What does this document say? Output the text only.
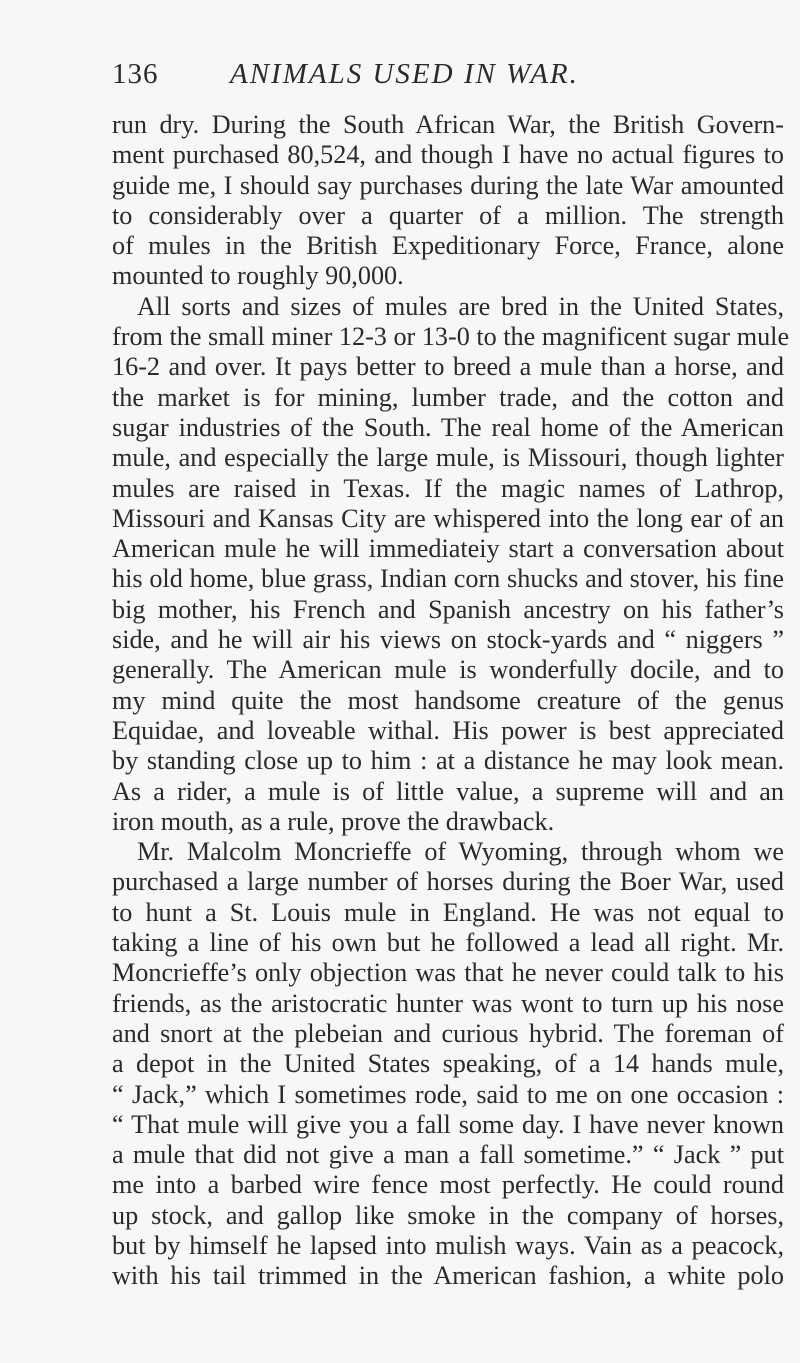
136 ANIMALS USED IN WAR.
run dry. During the South African War, the British Govern-
ment purchased 80,524, and though I have no actual figures to
guide me, I should say purchases during the late War amounted
to considerably over a quarter of a million. The strength
of mules in the British Expeditionary Force, France, alone
mounted to roughly 90,000.
All sorts and sizes of mules are bred in the United States,
from the small miner 12-3 or 13-0 to the magnificent sugar mule
16-2 and over. It pays better to breed a mule than a horse, and
the market is for mining, lumber trade, and the cotton and
sugar industries of the South. The real home of the American
mule, and especially the large mule, is Missouri, though lighter
mules are raised in Texas. If the magic names of Lathrop,
Missouri and Kansas City are whispered into the long ear of an
American mule he will immediateiy start a conversation about
his old home, blue grass, Indian corn shucks and stover, his fine
big mother, his French and Spanish ancestry on his father’s
side, and he will air his views on stock-yards and “ niggers ”
generally. The American mule is wonderfully docile, and to
my mind quite the most handsome creature of the genus
Equidae, and loveable withal. His power is best appreciated
by standing close up to him : at a distance he may look mean.
As a rider, a mule is of little value, a supreme will and an
iron mouth, as a rule, prove the drawback.
Mr. Malcolm Moncrieffe of Wyoming, through whom we
purchased a large number of horses during the Boer War, used
to hunt a St. Louis mule in England. He was not equal to
taking a line of his own but he followed a lead all right. Mr.
Moncrieffe’s only objection was that he never could talk to his
friends, as the aristocratic hunter was wont to turn up his nose
and snort at the plebeian and curious hybrid. The foreman of
a depot in the United States speaking, of a 14 hands mule,
“ Jack,” which I sometimes rode, said to me on one occasion :
“ That mule will give you a fall some day. I have never known
a mule that did not give a man a fall sometime.” “ Jack ” put
me into a barbed wire fence most perfectly. He could round
up stock, and gallop like smoke in the company of horses,
but by himself he lapsed into mulish ways. Vain as a peacock,
with his tail trimmed in the American fashion, a white polo
